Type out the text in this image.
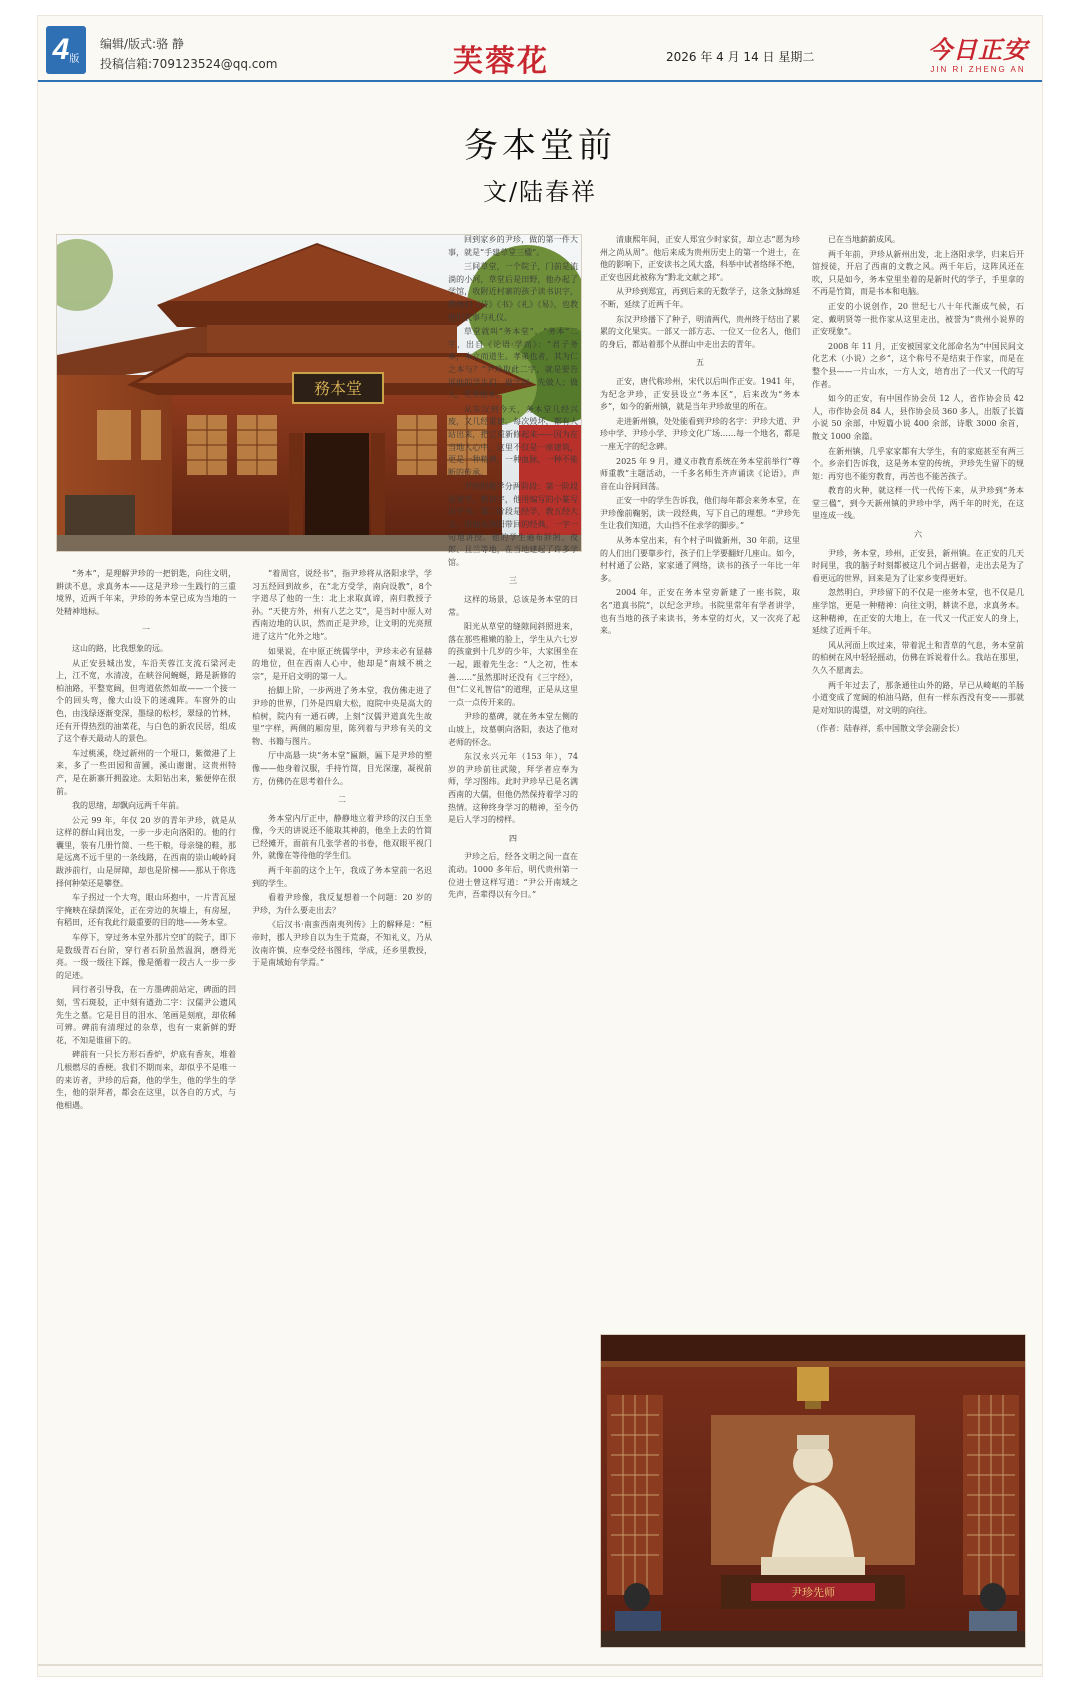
4 版
编辑/版式:骆 静
投稿信箱:709123524@qq.com	芙蓉花	2026 年 4 月 14 日 星期二	今日正安
JIN RI ZHENG AN
务本堂前
文/陆春祥
務本堂

“务本”，是理解尹珍的一把钥匙，向往文明，耕读不息，求真务本——这是尹珍一生践行的三重境界，近两千年来，尹珍的务本堂已成为当地的一处精神地标。

一

这山的路，比我想象的远。

从正安县城出发，车沿芙蓉江支流石梁河走上，江不宽，水清凌，在峡谷间蜿蜒，路是新修的柏油路，平整宽阔，但弯道依然如故——一个接一个的回头弯，像大山设下的迷魂阵。车窗外的山色，由浅绿逐渐变深，墨绿的松杉，翠绿的竹林，还有开得热烈的油菜花，与白色的新农民居，组成了这个春天最动人的景色。

车过桃溪，绕过新州的一个垭口，紫微港了上来，多了一些田园和苗圃，溪山谢谢，这贵州特产，是在新寨开拥盈途。太阳钻出来，紫便停在很前。

我的思绪，却飘向远两千年前。

公元 99 年，年仅 20 岁的青年尹珍，就是从这样的群山间出发，一步一步走向洛阳的。他的行囊里，装有几册竹简、一些干粮，母亲缝的鞋，那是远离不远千里的一条线路，在西南的崇山峻岭间跋涉前行，山是屏障，却也是阶梯——那从于你选择何种荣还是攀登。

车子拐过一个大弯，眼山环抱中，一片青瓦屋宇掩映在绿荫深处，正在旁边的灰墙上，有房屋，有稻田，还有我此行最重要的目的地——务本堂。

车停下，穿过务本堂外那片空旷的院子，即下是数级青石台阶，穿行者石阶虽然温润，磨得光亮。一级一级往下踩，像是循着一段古人一步一步的足迹。

同行者引导我，在一方墨碑前站定，碑面的凹刻，雪石斑驳，正中刻有遒劲二字：汉儒尹公遗风先生之墓。它是目目的泪水、笔画是刻痕，却依稀可辨。碑前有清理过的杂草，也有一束新鲜的野花，不知是谁留下的。

碑前有一只长方形石香炉，炉底有香灰，堆着几根燃尽的香梗。我们不期而来，却似乎不是唯一的来访者，尹珍的后裔，他的学生，他的学生的学生，他的崇拜者，都会在这里，以各自的方式，与他相遇。

“着周官，说经书”，指尹珍将从洛阳求学，学习五经回到故乡，在“北方受学，南向设教”，8个字道尽了他的一生：北上求取真谛，南归教授子孙。“天使方外，州有八艺之艾”，是当时中原人对西南边地的认识，然而正是尹珍，让文明的光亮照进了这片“化外之地”。

如果说，在中原正统儒学中，尹珍未必有显赫的地位，但在西南人心中，他却是“南域不祧之宗”，是开启文明的第一人。

抬脚上阶，一步两进了务本堂，我仿佛走进了尹珍的世界，门外是四扇大松，庭院中央是高大的柏树，院内有一通石碑，上刻“汉儒尹道真先生故里”字样，两侧的厢房里，陈列着与尹珍有关的文物、书籍与图片。

厅中高悬一块“务本堂”匾额，匾下是尹珍的塑像——他身着汉服，手持竹简，目光深邃，凝视前方，仿佛仍在思考着什么。

二

务本堂内厅正中，静静地立着尹珍的汉白玉坐像，今天的讲说还不能取其神韵，他坐上去的竹简已经摊开，面前有几张学者的书卷，他双眼平视门外，就像在等待他的学生们。

两千年前的这个上午，我成了务本堂前一名迟到的学生。

看着尹珍像，我反复想着一个问题：20 岁的尹珍，为什么要走出去？

《后汉书·南蛮西南夷列传》上的解释是：“桓帝时，郡人尹珍自以为生于荒裔，不知礼义，乃从汝南许慎、应奉受经书图纬，学成，还乡里教授，于是南域始有学焉。”

回到家乡的尹珍，做的第一件大事，就是“手建草堂三楹”。

三间草堂，一个院子，门前是流淌的小河，草堂后是田野，他办起了学馆，收附近村寨的孩子读书识字，教他们《诗》《书》《礼》《易》，也教他们农事与礼仪。

草堂就叫“务本堂”。“务本”二字，出自《论语·学而》：“君子务本，本立而道生。孝弟也者，其为仁之本与？”尹珍取此二字，就是要告诉他的学生们：做学问，先做人；做人，先务根本。

从东汉到今天，务本堂几经兴废，又几经重建。每次毁坏，都有人站出来，把它重新修起来——因为在当地人心中，这里不仅是一座建筑，更是一种精神，一种血脉，一种不能断的传承。

尹珍的教学分两阶段：第一阶段是蒙学，教识字，他用编写的小篆写出字书；第二阶段是经学，教五经大义，用他从洛阳带回的经典，一字一句地讲授。他的学生遍布牂牁、夜郎、且兰等地，在当地建起了许多学馆。

三

这样的场景，总该是务本堂的日常。

阳光从草堂的缝隙间斜照进来，落在那些稚嫩的脸上，学生从六七岁的孩童到十几岁的少年，大家围坐在一起，跟着先生念：“人之初，性本善……”虽然那时还没有《三字经》，但“仁义礼智信”的道理，正是从这里一点一点传开来的。

尹珍的墓碑，就在务本堂左侧的山坡上，坟墓朝向洛阳，表达了他对老师的怀念。

东汉永兴元年（153 年），74 岁的尹珍前往武陵，拜学者应奉为师，学习图纬。此时尹珍早已是名满西南的大儒，但他仍然保持着学习的热情。这种终身学习的精神，至今仍是后人学习的榜样。

四

尹珍之后，经各文明之间一直在流动。1000 多年后，明代贵州第一位进士曾这样写道：“尹公开南域之先声，吾辈得以有今日。”

清康熙年间，正安人郑宜少时家贫，却立志“愿为珍州之尚从周”。他后来成为贵州历史上的第一个进士，在他的影响下，正安读书之风大盛，科举中试者络绎不绝，正安也因此被称为“黔北文献之邦”。

从尹珍到郑宜，再到后来的无数学子，这条文脉绵延不断，延续了近两千年。

东汉尹珍播下了种子，明清两代，贵州终于结出了累累的文化果实。一部又一部方志、一位又一位名人，他们的身后，都站着那个从群山中走出去的青年。

五

正安，唐代称珍州，宋代以后叫作正安。1941 年，为纪念尹珍，正安县设立“务本区”，后来改为“务本乡”，如今的新州镇，就是当年尹珍故里的所在。

走进新州镇，处处能看到尹珍的名字：尹珍大道、尹珍中学、尹珍小学、尹珍文化广场……每一个地名，都是一座无字的纪念碑。

2025 年 9 月，遵义市教育系统在务本堂前举行“尊师重教”主题活动，一千多名师生齐声诵读《论语》，声音在山谷间回荡。

正安一中的学生告诉我，他们每年都会来务本堂，在尹珍像前鞠躬，读一段经典，写下自己的理想。“尹珍先生让我们知道，大山挡不住求学的脚步。”

从务本堂出来，有个村子叫做新州，30 年前，这里的人们出门要靠步行，孩子们上学要翻好几座山。如今，村村通了公路，家家通了网络，读书的孩子一年比一年多。

2004 年，正安在务本堂旁新建了一座书院，取名“道真书院”，以纪念尹珍。书院里常年有学者讲学，也有当地的孩子来读书，务本堂的灯火，又一次亮了起来。

已在当地薪薪成风。

两千年前，尹珍从新州出发，北上洛阳求学，归来后开馆授徒，开启了西南的文教之风。两千年后，这阵风还在吹，只是如今，务本堂里坐着的是新时代的学子，手里拿的不再是竹简，而是书本和电脑。

正安的小说创作，20 世纪七八十年代渐成气候，石定、戴明贤等一批作家从这里走出，被誉为“贵州小说界的正安现象”。

2008 年 11 月，正安被国家文化部命名为“中国民间文化艺术（小说）之乡”，这个称号不是结束于作家，而是在整个县——一片山水，一方人文，培育出了一代又一代的写作者。

如今的正安，有中国作协会员 12 人，省作协会员 42 人，市作协会员 84 人，县作协会员 360 多人，出版了长篇小说 50 余部，中短篇小说 400 余部，诗歌 3000 余首，散文 1000 余篇。

在新州镇，几乎家家都有大学生，有的家庭甚至有两三个。乡亲们告诉我，这是务本堂的传统，尹珍先生留下的规矩：再穷也不能穷教育，再苦也不能苦孩子。

教育的火种，就这样一代一代传下来，从尹珍到“务本堂三楹”，到今天新州镇的尹珍中学，两千年的时光，在这里连成一线。

六

尹珍，务本堂，珍州，正安县，新州镇。在正安的几天时间里，我的脑子时刻都被这几个词占据着，走出去是为了看更远的世界，回来是为了让家乡变得更好。

忽然明白，尹珍留下的不仅是一座务本堂，也不仅是几座学馆，更是一种精神：向往文明，耕读不息，求真务本。这种精神，在正安的大地上，在一代又一代正安人的身上，延续了近两千年。

风从河面上吹过来，带着泥土和青草的气息，务本堂前的柏树在风中轻轻摇动，仿佛在诉说着什么。我站在那里，久久不愿离去。

两千年过去了，那条通往山外的路，早已从崎岖的羊肠小道变成了宽阔的柏油马路，但有一样东西没有变——那就是对知识的渴望，对文明的向往。

（作者：陆春祥，系中国散文学会副会长）

尹珍先师
